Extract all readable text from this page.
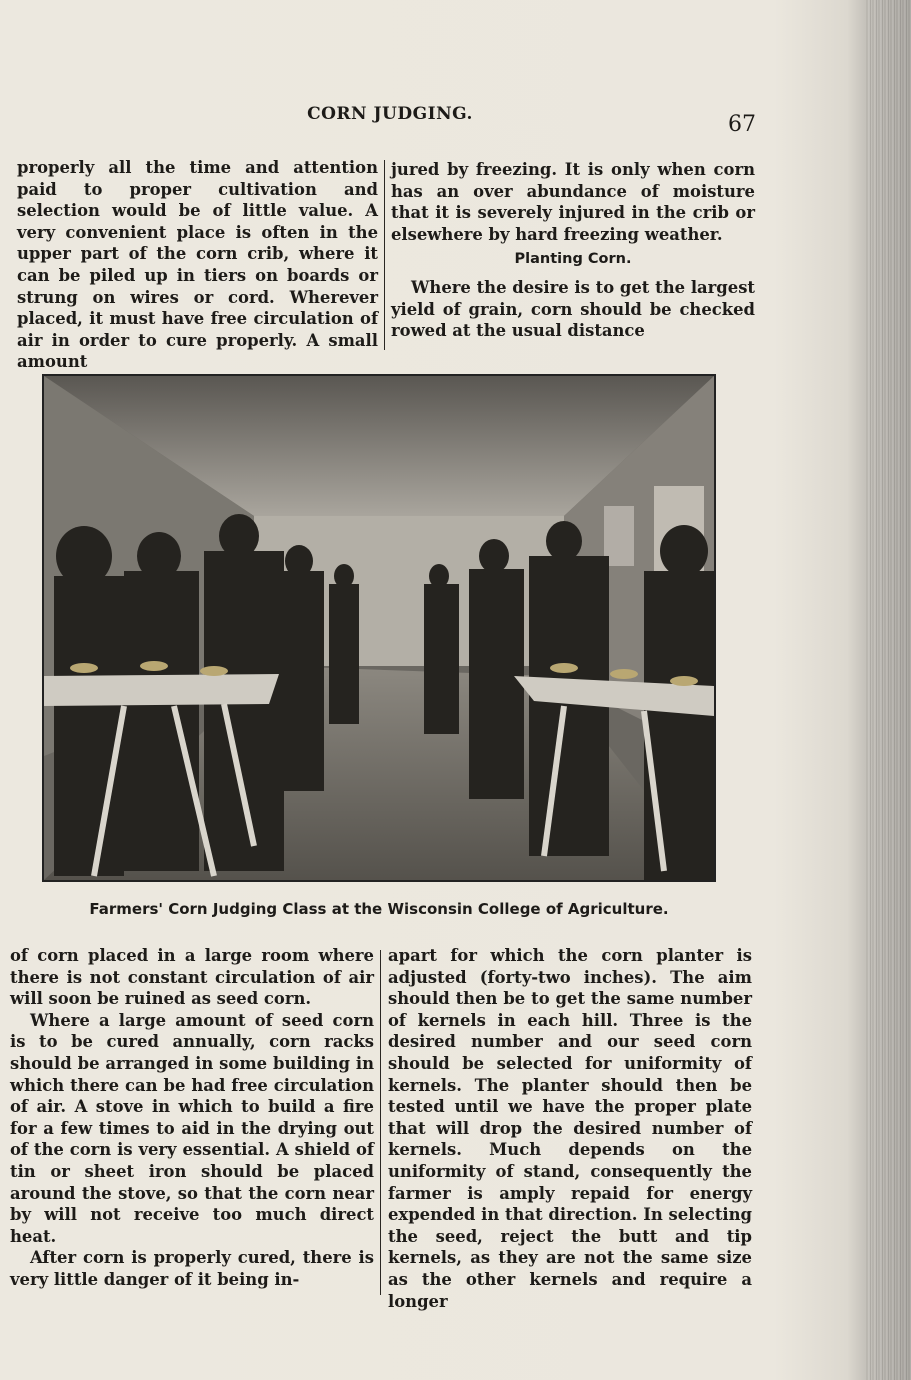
CORN JUDGING.	67

properly all the time and attention paid to proper cultivation and selection would be of little value. A very convenient place is often in the upper part of the corn crib, where it can be piled up in tiers on boards or strung on wires or cord. Wherever placed, it must have free circulation of air in order to cure properly. A small amount

jured by freezing. It is only when corn has an over abundance of moisture that it is severely injured in the crib or elsewhere by hard freezing weather.

Planting Corn.

Where the desire is to get the largest yield of grain, corn should be checked rowed at the usual distance

Farmers' Corn Judging Class at the Wisconsin College of Agriculture.

of corn placed in a large room where there is not constant circulation of air will soon be ruined as seed corn.

Where a large amount of seed corn is to be cured annually, corn racks should be arranged in some building in which there can be had free circulation of air. A stove in which to build a fire for a few times to aid in the drying out of the corn is very essential. A shield of tin or sheet iron should be placed around the stove, so that the corn near by will not receive too much direct heat.

After corn is properly cured, there is very little danger of it being in-

apart for which the corn planter is adjusted (forty-two inches). The aim should then be to get the same number of kernels in each hill. Three is the desired number and our seed corn should be selected for uniformity of kernels. The planter should then be tested until we have the proper plate that will drop the desired number of kernels. Much depends on the uniformity of stand, consequently the farmer is amply repaid for energy expended in that direction. In selecting the seed, reject the butt and tip kernels, as they are not the same size as the other kernels and require a longer
